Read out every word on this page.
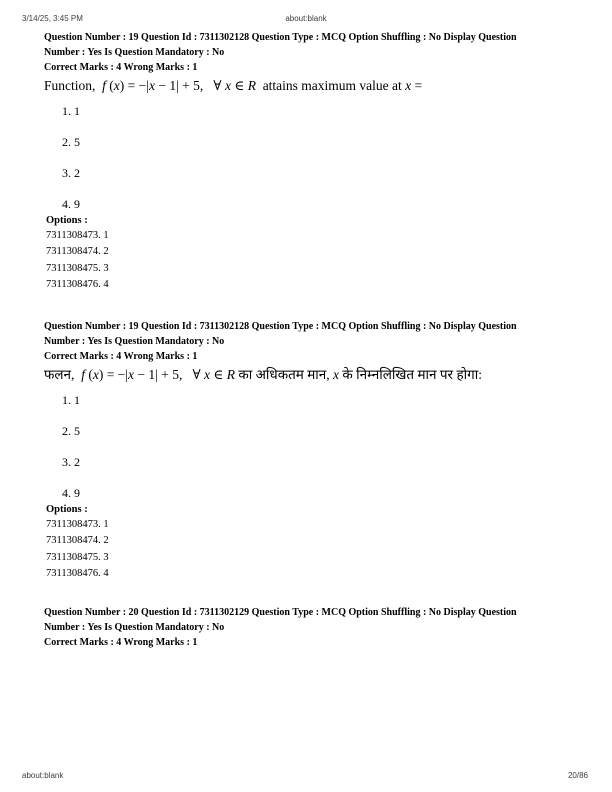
3/14/25, 3:45 PM	about:blank

Question Number : 19 Question Id : 7311302128 Question Type : MCQ Option Shuffling : No Display Question

Number : Yes Is Question Mandatory : No

Correct Marks : 4 Wrong Marks : 1

Function,  f (x) = −|x − 1| + 5,   ∀ x ∈ R  attains maximum value at x =

1. 1

2. 5

3. 2

4. 9

Options :

7311308473. 1

7311308474. 2

7311308475. 3

7311308476. 4

Question Number : 19 Question Id : 7311302128 Question Type : MCQ Option Shuffling : No Display Question

Number : Yes Is Question Mandatory : No

Correct Marks : 4 Wrong Marks : 1

फलन,  f (x) = −|x − 1| + 5,   ∀ x ∈ R का अधिकतम मान, x के निम्नलिखित मान पर होगा:

1. 1

2. 5

3. 2

4. 9

Options :

7311308473. 1

7311308474. 2

7311308475. 3

7311308476. 4

Question Number : 20 Question Id : 7311302129 Question Type : MCQ Option Shuffling : No Display Question

Number : Yes Is Question Mandatory : No

Correct Marks : 4 Wrong Marks : 1

about:blank	20/86
